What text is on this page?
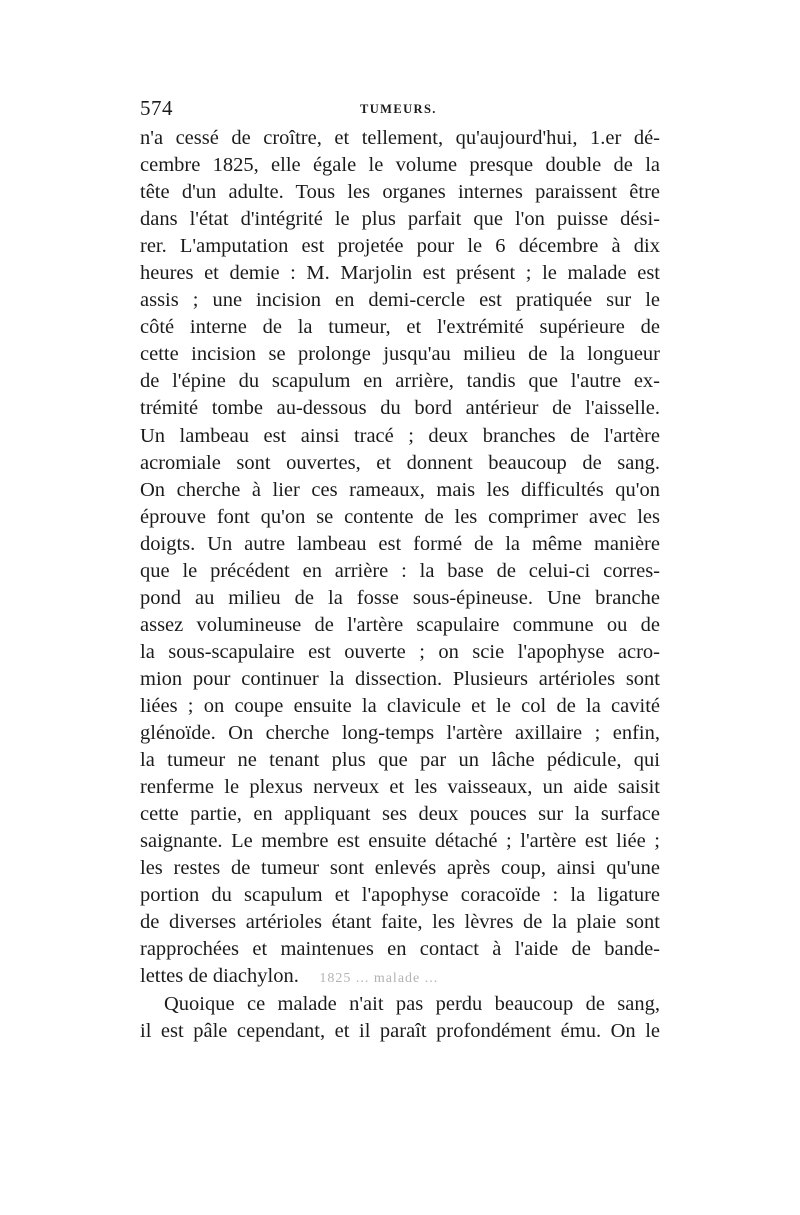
574	TUMEURS.
n'a cessé de croître, et tellement, qu'aujourd'hui, 1.er dé-
cembre 1825, elle égale le volume presque double de la
tête d'un adulte. Tous les organes internes paraissent être
dans l'état d'intégrité le plus parfait que l'on puisse dési-
rer. L'amputation est projetée pour le 6 décembre à dix
heures et demie : M. Marjolin est présent ; le malade est
assis ; une incision en demi-cercle est pratiquée sur le
côté interne de la tumeur, et l'extrémité supérieure de
cette incision se prolonge jusqu'au milieu de la longueur
de l'épine du scapulum en arrière, tandis que l'autre ex-
trémité tombe au-dessous du bord antérieur de l'aisselle.
Un lambeau est ainsi tracé ; deux branches de l'artère
acromiale sont ouvertes, et donnent beaucoup de sang.
On cherche à lier ces rameaux, mais les difficultés qu'on
éprouve font qu'on se contente de les comprimer avec les
doigts. Un autre lambeau est formé de la même manière
que le précédent en arrière : la base de celui-ci corres-
pond au milieu de la fosse sous-épineuse. Une branche
assez volumineuse de l'artère scapulaire commune ou de
la sous-scapulaire est ouverte ; on scie l'apophyse acro-
mion pour continuer la dissection. Plusieurs artérioles sont
liées ; on coupe ensuite la clavicule et le col de la cavité
glénoïde. On cherche long-temps l'artère axillaire ; enfin,
la tumeur ne tenant plus que par un lâche pédicule, qui
renferme le plexus nerveux et les vaisseaux, un aide saisit
cette partie, en appliquant ses deux pouces sur la surface
saignante. Le membre est ensuite détaché ; l'artère est liée ;
les restes de tumeur sont enlevés après coup, ainsi qu'une
portion du scapulum et l'apophyse coracoïde : la ligature
de diverses artérioles étant faite, les lèvres de la plaie sont
rapprochées et maintenues en contact à l'aide de bande-
lettes de diachylon. 1825 ... malade ...
Quoique ce malade n'ait pas perdu beaucoup de sang,
il est pâle cependant, et il paraît profondément ému. On le
